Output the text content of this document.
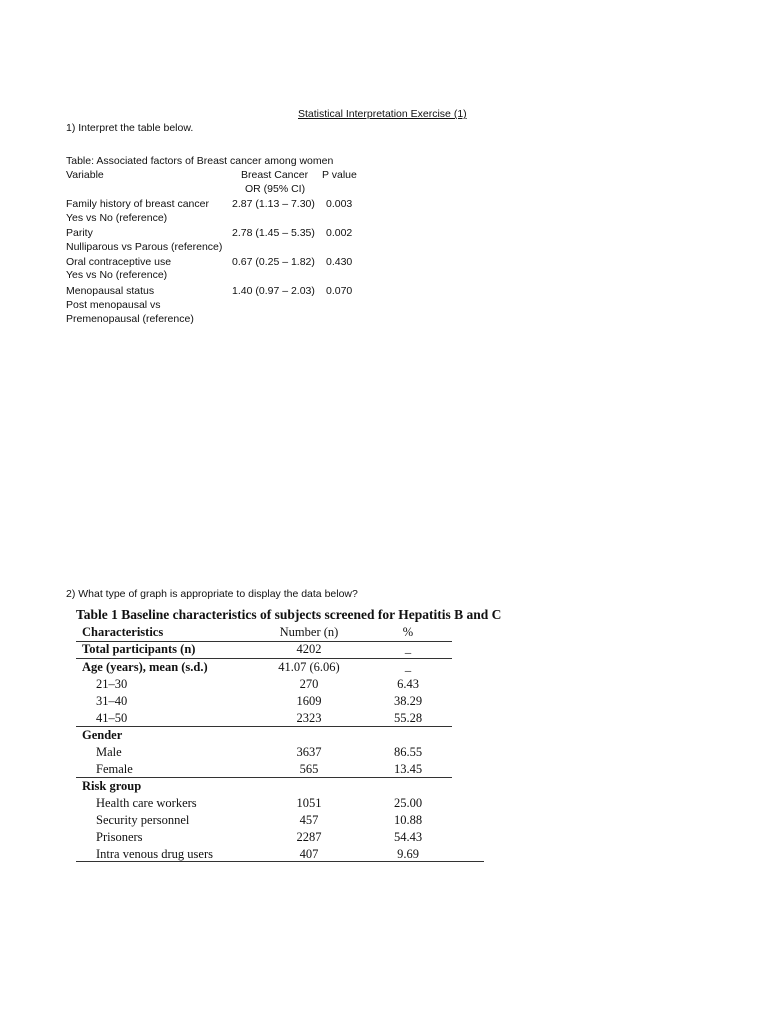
Statistical Interpretation Exercise (1)
1) Interpret the table below.
Table: Associated factors of Breast cancer among women
Variable	Breast Cancer P value
OR (95% CI)
Family history of breast cancer 2.87 (1.13 – 7.30) 0.003
Yes vs No (reference)
Parity	2.78 (1.45 – 5.35) 0.002
Nulliparous vs Parous (reference)
Oral contraceptive use	0.67 (0.25 – 1.82) 0.430
Yes vs No (reference)
Menopausal status	1.40 (0.97 – 2.03) 0.070
Post menopausal vs
Premenopausal (reference)
2) What type of graph is appropriate to display the data below?
Table 1 Baseline characteristics of subjects screened for Hepatitis B and C
Characteristics	Number (n)	%
Total participants (n)	4202	_
Age (years), mean (s.d.)	41.07 (6.06)	_
21–30	270	6.43
31–40	1609	38.29
41–50	2323	55.28
Gender
Male	3637	86.55
Female	565	13.45
Risk group
Health care workers	1051	25.00
Security personnel	457	10.88
Prisoners	2287	54.43
Intra venous drug users	407	9.69
